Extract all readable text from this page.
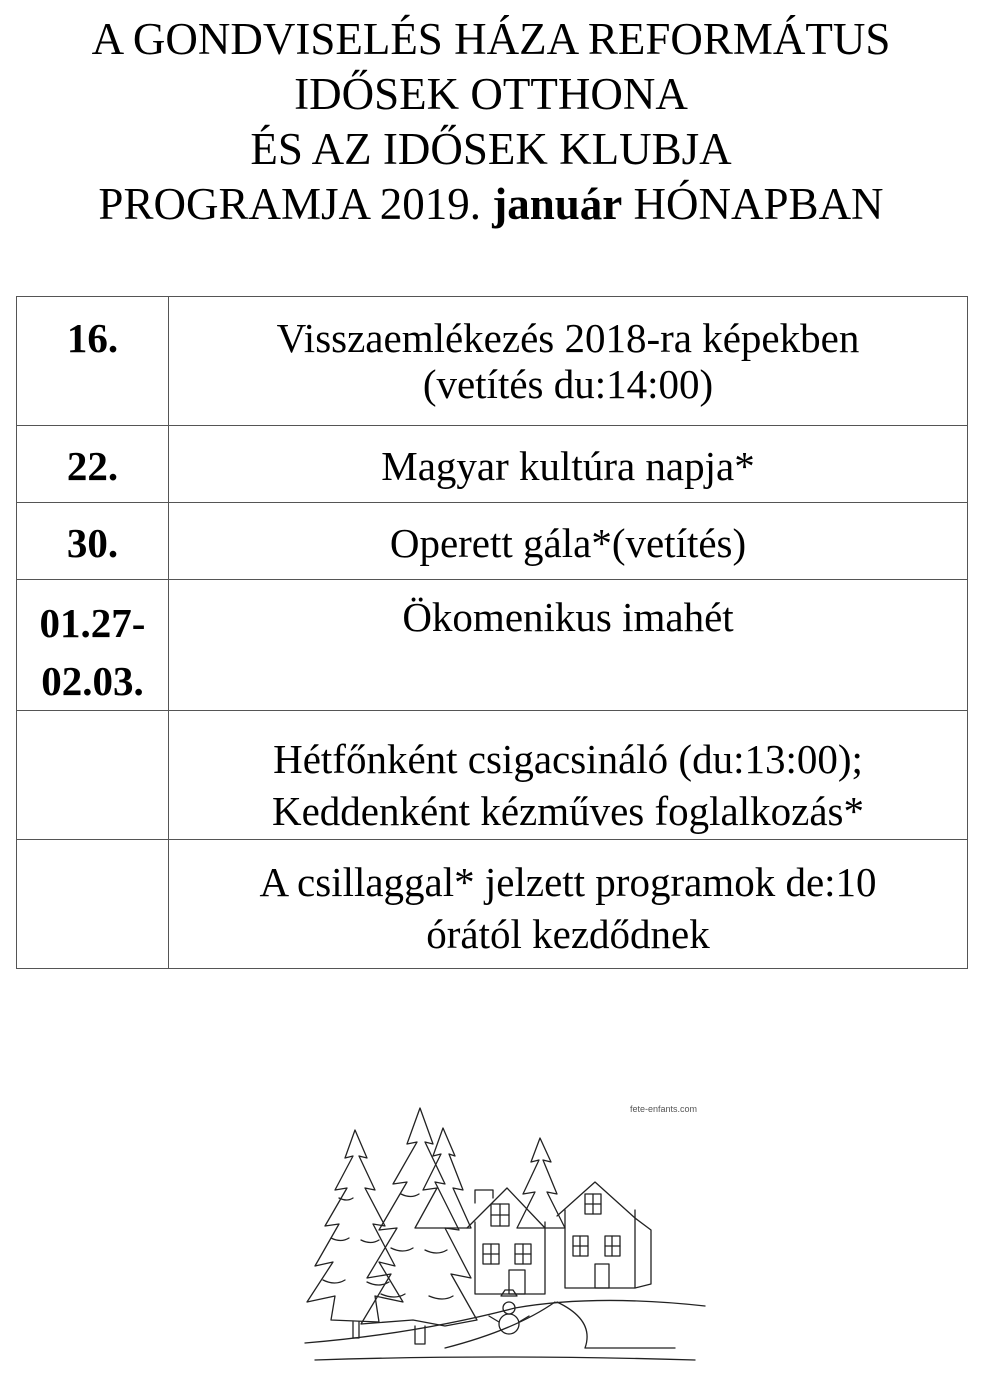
A GONDVISELÉS HÁZA REFORMÁTUS
IDŐSEK OTTHONA
ÉS AZ IDŐSEK KLUBJA
PROGRAMJA 2019. január HÓNAPBAN
16.	Visszaemlékezés 2018-ra képekben
(vetítés du:14:00)

22.	Magyar kultúra napja*

30.	Operett gála*(vetítés)

01.27-
02.03.	Ökomenikus imahét

	Hétfőnként csigacsináló (du:13:00);
Keddenként kézműves foglalkozás*

	A csillaggal* jelzett programok de:10
órától kezdődnek
fete-enfants.com
